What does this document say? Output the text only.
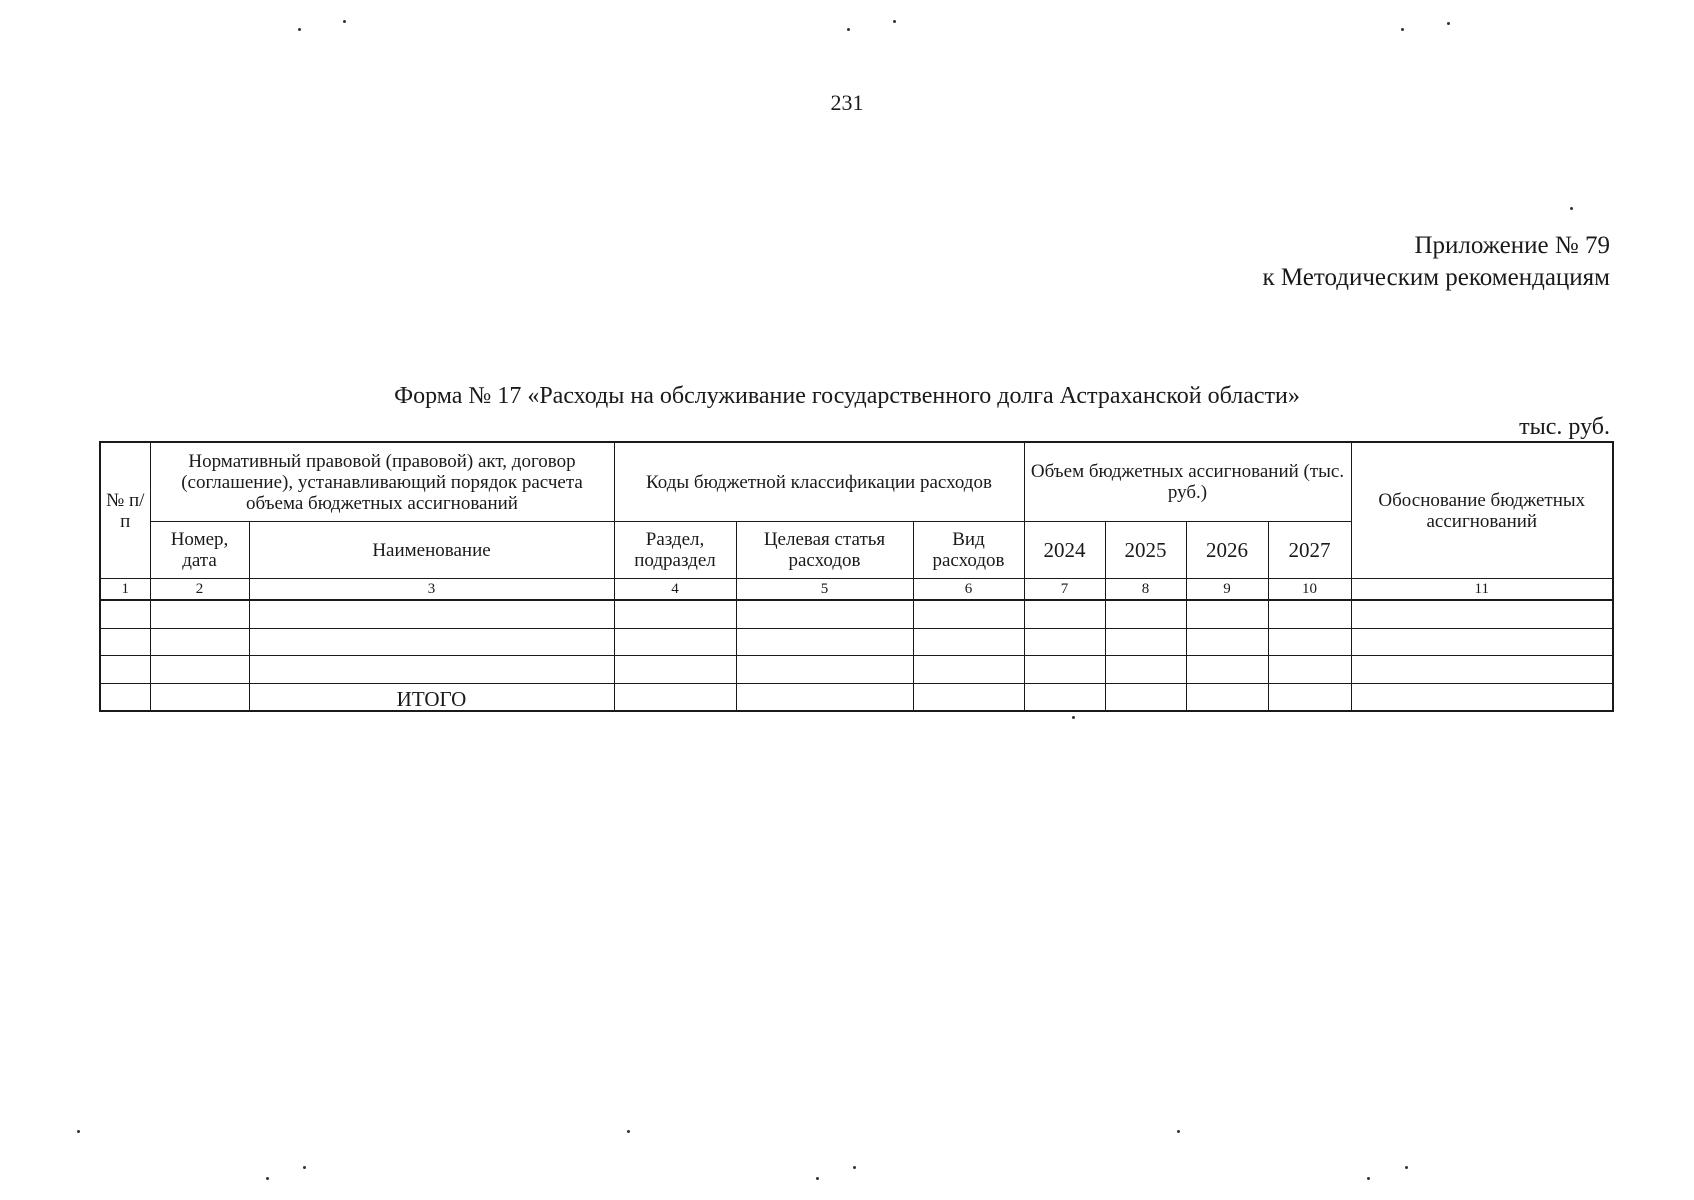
231
Приложение № 79
к Методическим рекомендациям
Форма № 17 «Расходы на обслуживание государственного долга Астраханской области»
тыс. руб.
№ п/п	Нормативный правовой (правовой) акт, договор (соглашение), устанавливающий порядок расчета объема бюджетных ассигнований		Коды бюджетной классификации расходов			Объем бюджетных ассигнований (тыс. руб.)				Обоснование бюджетных ассигнований
	Номер, дата	Наименование	Раздел, подраздел	Целевая статья расходов	Вид расходов	2024	2025	2026	2027	
1	2	3	4	5	6	7	8	9	10	11

		ИТОГО								
